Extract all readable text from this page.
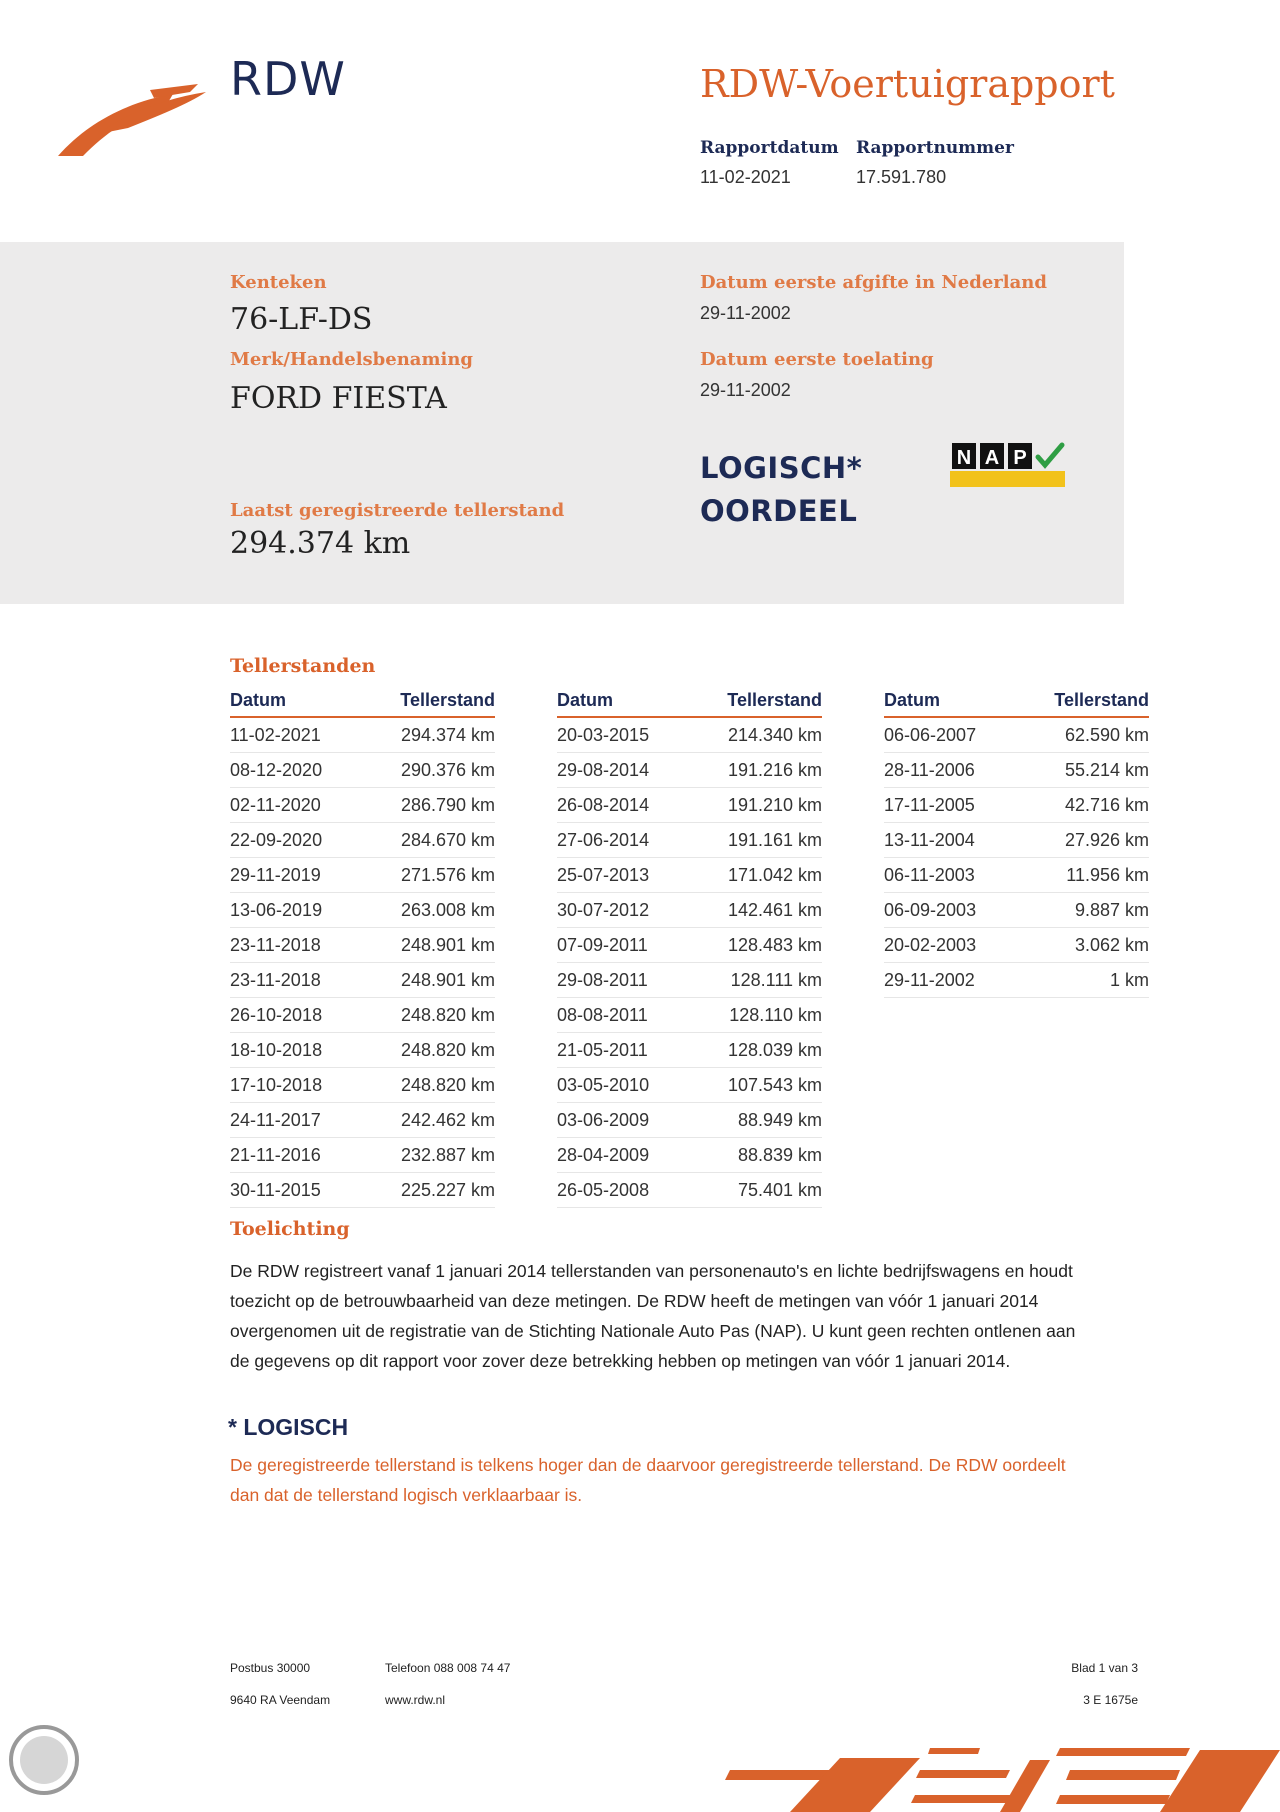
RDW	RDW-Voertuigrapport
Rapportdatum
11-02-2021
Rapportnummer
17.591.780
Kenteken
76-LF-DS
Merk/Handelsbenaming
FORD FIESTA
Laatst geregistreerde tellerstand
294.374 km
Datum eerste afgifte in Nederland
29-11-2002
Datum eerste toelating
29-11-2002
LOGISCH*
OORDEEL
N A P
Tellerstanden
Datum	Tellerstand
11-02-2021	294.374 km
08-12-2020	290.376 km
02-11-2020	286.790 km
22-09-2020	284.670 km
29-11-2019	271.576 km
13-06-2019	263.008 km
23-11-2018	248.901 km
23-11-2018	248.901 km
26-10-2018	248.820 km
18-10-2018	248.820 km
17-10-2018	248.820 km
24-11-2017	242.462 km
21-11-2016	232.887 km
30-11-2015	225.227 km
Datum	Tellerstand
20-03-2015	214.340 km
29-08-2014	191.216 km
26-08-2014	191.210 km
27-06-2014	191.161 km
25-07-2013	171.042 km
30-07-2012	142.461 km
07-09-2011	128.483 km
29-08-2011	128.111 km
08-08-2011	128.110 km
21-05-2011	128.039 km
03-05-2010	107.543 km
03-06-2009	88.949 km
28-04-2009	88.839 km
26-05-2008	75.401 km
Datum	Tellerstand
06-06-2007	62.590 km
28-11-2006	55.214 km
17-11-2005	42.716 km
13-11-2004	27.926 km
06-11-2003	11.956 km
06-09-2003	9.887 km
20-02-2003	3.062 km
29-11-2002	1 km
Toelichting
De RDW registreert vanaf 1 januari 2014 tellerstanden van personenauto's en lichte bedrijfswagens en houdt toezicht op de betrouwbaarheid van deze metingen. De RDW heeft de metingen van vóór 1 januari 2014 overgenomen uit de registratie van de Stichting Nationale Auto Pas (NAP). U kunt geen rechten ontlenen aan de gegevens op dit rapport voor zover deze betrekking hebben op metingen van vóór 1 januari 2014.
* LOGISCH
De geregistreerde tellerstand is telkens hoger dan de daarvoor geregistreerde tellerstand. De RDW oordeelt dan dat de tellerstand logisch verklaarbaar is.
Postbus 30000	Telefoon 088 008 74 47	Blad 1 van 3
9640 RA Veendam	www.rdw.nl	3 E 1675e
